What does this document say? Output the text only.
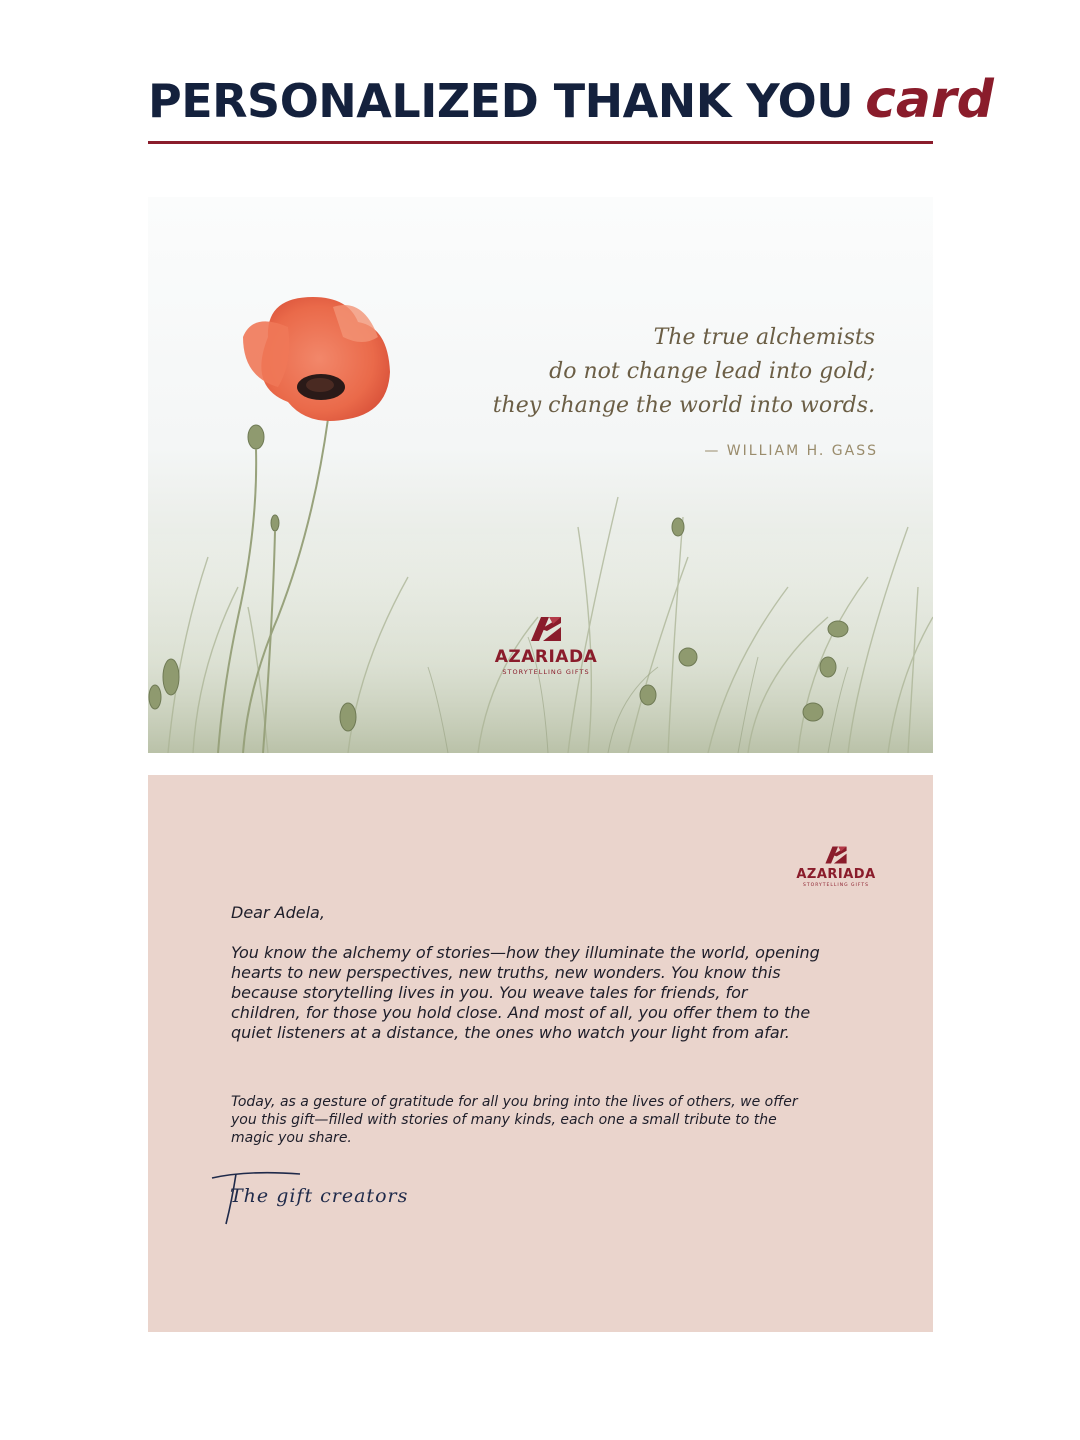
PERSONALIZED THANK YOU card
The true alchemists
do not change lead into gold;
they change the world into words.
— WILLIAM H. GASS
AZARIADA
STORYTELLING GIFTS
AZARIADA
STORYTELLING GIFTS
Dear Adela,
You know the alchemy of stories—how they illuminate the world, opening hearts to new perspectives, new truths, new wonders. You know this because storytelling lives in you. You weave tales for friends, for children, for those you hold close. And most of all, you offer them to the quiet listeners at a distance, the ones who watch your light from afar.
Today, as a gesture of gratitude for all you bring into the lives of others, we offer you this gift—filled with stories of many kinds, each one a small tribute to the magic you share.
The gift creators
